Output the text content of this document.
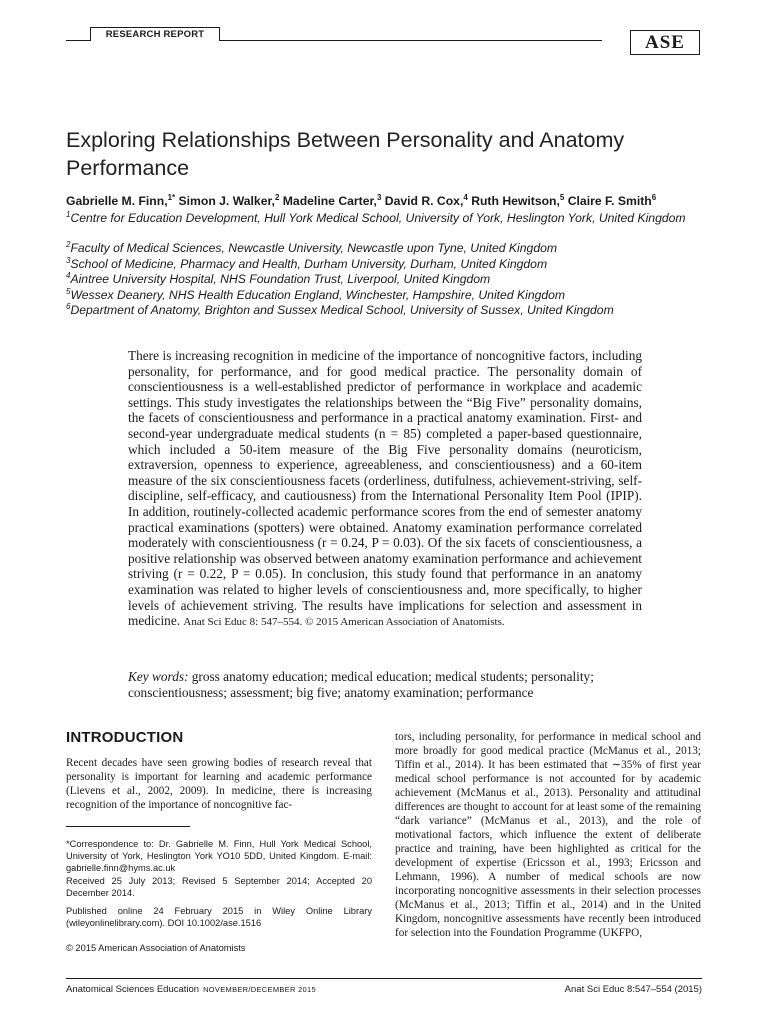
RESEARCH REPORT	ASE
Exploring Relationships Between Personality and Anatomy Performance
Gabrielle M. Finn,$^{1*}$ Simon J. Walker,$^2$ Madeline Carter,$^3$ David R. Cox,$^4$ Ruth Hewitson,$^5$ Claire F. Smith$^6$
$^1$Centre for Education Development, Hull York Medical School, University of York, Heslington York, United Kingdom
$^2$Faculty of Medical Sciences, Newcastle University, Newcastle upon Tyne, United Kingdom
$^3$School of Medicine, Pharmacy and Health, Durham University, Durham, United Kingdom
$^4$Aintree University Hospital, NHS Foundation Trust, Liverpool, United Kingdom
$^5$Wessex Deanery, NHS Health Education England, Winchester, Hampshire, United Kingdom
$^6$Department of Anatomy, Brighton and Sussex Medical School, University of Sussex, United Kingdom
There is increasing recognition in medicine of the importance of noncognitive factors, including personality, for performance, and for good medical practice. The personality domain of conscientiousness is a well-established predictor of performance in workplace and academic settings. This study investigates the relationships between the “Big Five” personality domains, the facets of conscientiousness and performance in a practical anatomy examination. First- and second-year undergraduate medical students (n = 85) completed a paper-based questionnaire, which included a 50-item measure of the Big Five personality domains (neuroticism, extraversion, openness to experience, agreeableness, and conscientiousness) and a 60-item measure of the six conscientiousness facets (orderliness, dutifulness, achievement-striving, self-discipline, self-efficacy, and cautiousness) from the International Personality Item Pool (IPIP). In addition, routinely-collected academic performance scores from the end of semester anatomy practical examinations (spotters) were obtained. Anatomy examination performance correlated moderately with conscientiousness (r = 0.24, P = 0.03). Of the six facets of conscientiousness, a positive relationship was observed between anatomy examination performance and achievement striving (r = 0.22, P = 0.05). In conclusion, this study found that performance in an anatomy examination was related to higher levels of conscientiousness and, more specifically, to higher levels of achievement striving. The results have implications for selection and assessment in medicine. Anat Sci Educ 8: 547–554. © 2015 American Association of Anatomists.
Key words: gross anatomy education; medical education; medical students; personality; conscientiousness; assessment; big five; anatomy examination; performance
INTRODUCTION
Recent decades have seen growing bodies of research reveal that personality is important for learning and academic performance (Lievens et al., 2002, 2009). In medicine, there is increasing recognition of the importance of noncognitive fac-
tors, including personality, for performance in medical school and more broadly for good medical practice (McManus et al., 2013; Tiffin et al., 2014). It has been estimated that ∼35% of first year medical school performance is not accounted for by academic achievement (McManus et al., 2013). Personality and attitudinal differences are thought to account for at least some of the remaining “dark variance” (McManus et al., 2013), and the role of motivational factors, which influence the extent of deliberate practice and training, have been highlighted as critical for the development of expertise (Ericsson et al., 1993; Ericsson and Lehmann, 1996). A number of medical schools are now incorporating noncognitive assessments in their selection processes (McManus et al., 2013; Tiffin et al., 2014) and in the United Kingdom, noncognitive assessments have recently been introduced for selection into the Foundation Programme (UKFPO,
*Correspondence to: Dr. Gabrielle M. Finn, Hull York Medical School, University of York, Heslington York YO10 5DD, United Kingdom. E-mail: gabrielle.finn@hyms.ac.uk
Received 25 July 2013; Revised 5 September 2014; Accepted 20 December 2014.
Published online 24 February 2015 in Wiley Online Library (wileyonlinelibrary.com). DOI 10.1002/ase.1516
© 2015 American Association of Anatomists
Anatomical Sciences Education NOVEMBER/DECEMBER 2015	Anat Sci Educ 8:547–554 (2015)
